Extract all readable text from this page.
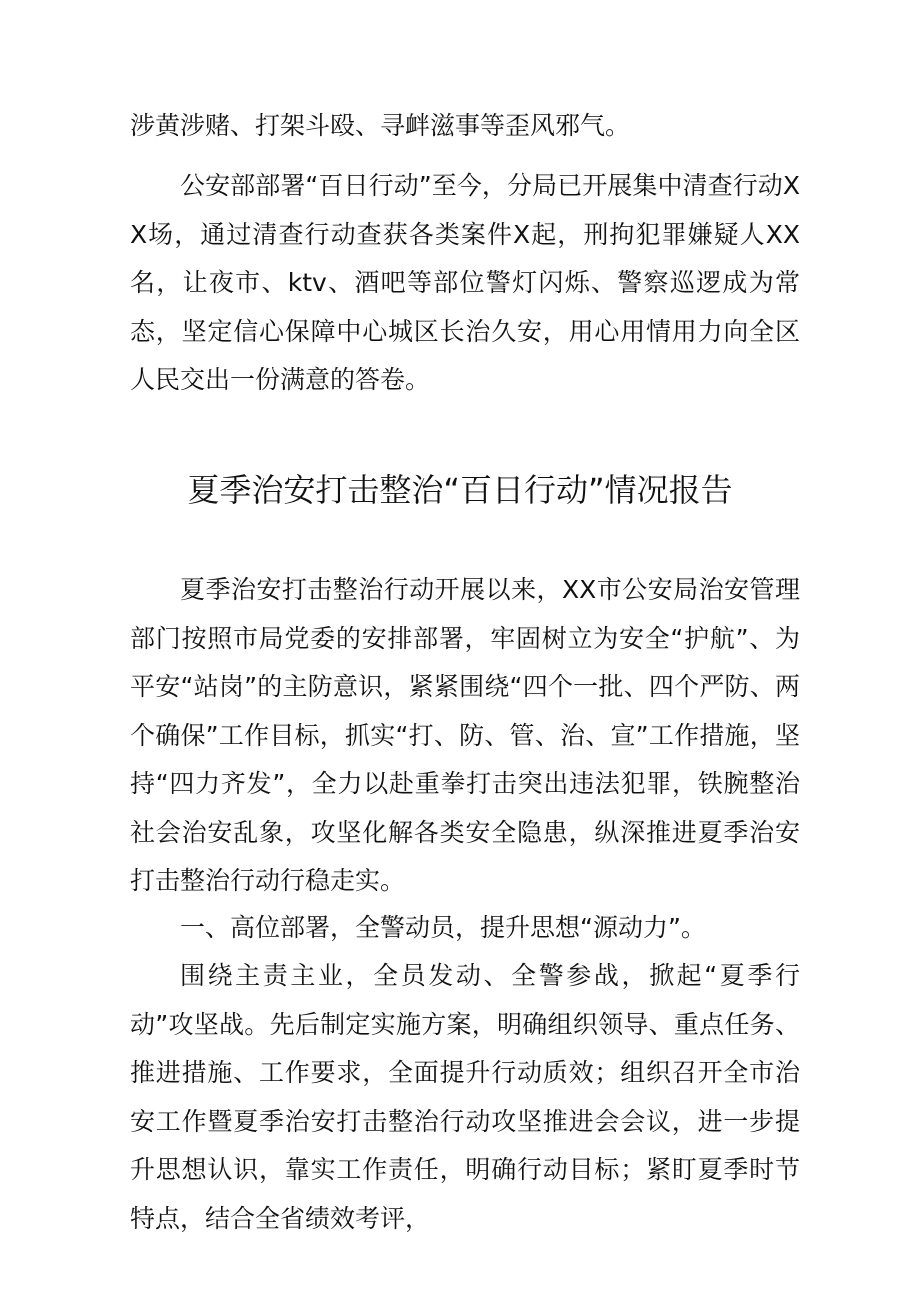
涉黄涉赌、打架斗殴、寻衅滋事等歪风邪气。

公安部部署“百日行动”至今，分局已开展集中清查行动XX场，通过清查行动查获各类案件X起，刑拘犯罪嫌疑人XX名，让夜市、ktv、酒吧等部位警灯闪烁、警察巡逻成为常态，坚定信心保障中心城区长治久安，用心用情用力向全区人民交出一份满意的答卷。

夏季治安打击整治“百日行动”情况报告

夏季治安打击整治行动开展以来，XX市公安局治安管理部门按照市局党委的安排部署，牢固树立为安全“护航”、为平安“站岗”的主防意识，紧紧围绕“四个一批、四个严防、两个确保”工作目标，抓实“打、防、管、治、宣”工作措施，坚持“四力齐发”，全力以赴重拳打击突出违法犯罪，铁腕整治社会治安乱象，攻坚化解各类安全隐患，纵深推进夏季治安打击整治行动行稳走实。

一、高位部署，全警动员，提升思想“源动力”。

围绕主责主业，全员发动、全警参战，掀起“夏季行动”攻坚战。先后制定实施方案，明确组织领导、重点任务、推进措施、工作要求，全面提升行动质效；组织召开全市治安工作暨夏季治安打击整治行动攻坚推进会会议，进一步提升思想认识，靠实工作责任，明确行动目标；紧盯夏季时节特点，结合全省绩效考评，
